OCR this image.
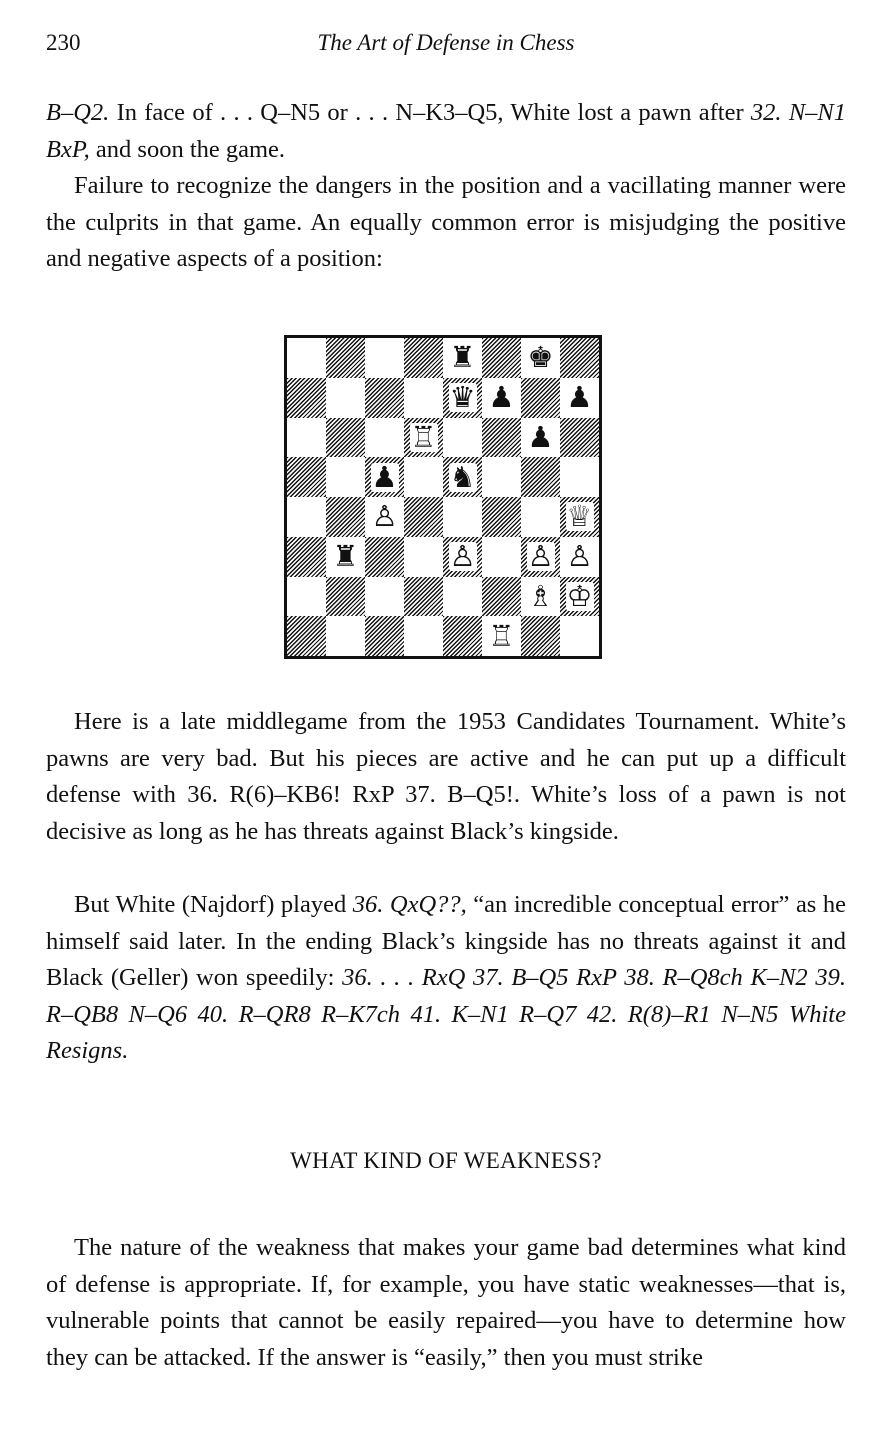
230	The Art of Defense in Chess

B–Q2. In face of . . . Q–N5 or . . . N–K3–Q5, White lost a pawn after 32. N–N1 BxP, and soon the game.

Failure to recognize the dangers in the position and a vacillating manner were the culprits in that game. An equally common error is misjudging the positive and negative aspects of a position:

♜ ♚
♛ ♟ ♟
♖	♟
♟ ♞
♙	♕
♜	♙ ♙ ♙
♗ ♔
♖

Here is a late middlegame from the 1953 Candidates Tournament. White’s pawns are very bad. But his pieces are active and he can put up a difficult defense with 36. R(6)–KB6! RxP 37. B–Q5!. White’s loss of a pawn is not decisive as long as he has threats against Black’s kingside.

But White (Najdorf) played 36. QxQ??, “an incredible conceptual error” as he himself said later. In the ending Black’s kingside has no threats against it and Black (Geller) won speedily: 36. . . . RxQ 37. B–Q5 RxP 38. R–Q8ch K–N2 39. R–QB8 N–Q6 40. R–QR8 R–K7ch 41. K–N1 R–Q7 42. R(8)–R1 N–N5 White Resigns.

WHAT KIND OF WEAKNESS?

The nature of the weakness that makes your game bad determines what kind of defense is appropriate. If, for example, you have static weaknesses—that is, vulnerable points that cannot be easily repaired—you have to determine how they can be attacked. If the answer is “easily,” then you must strike
